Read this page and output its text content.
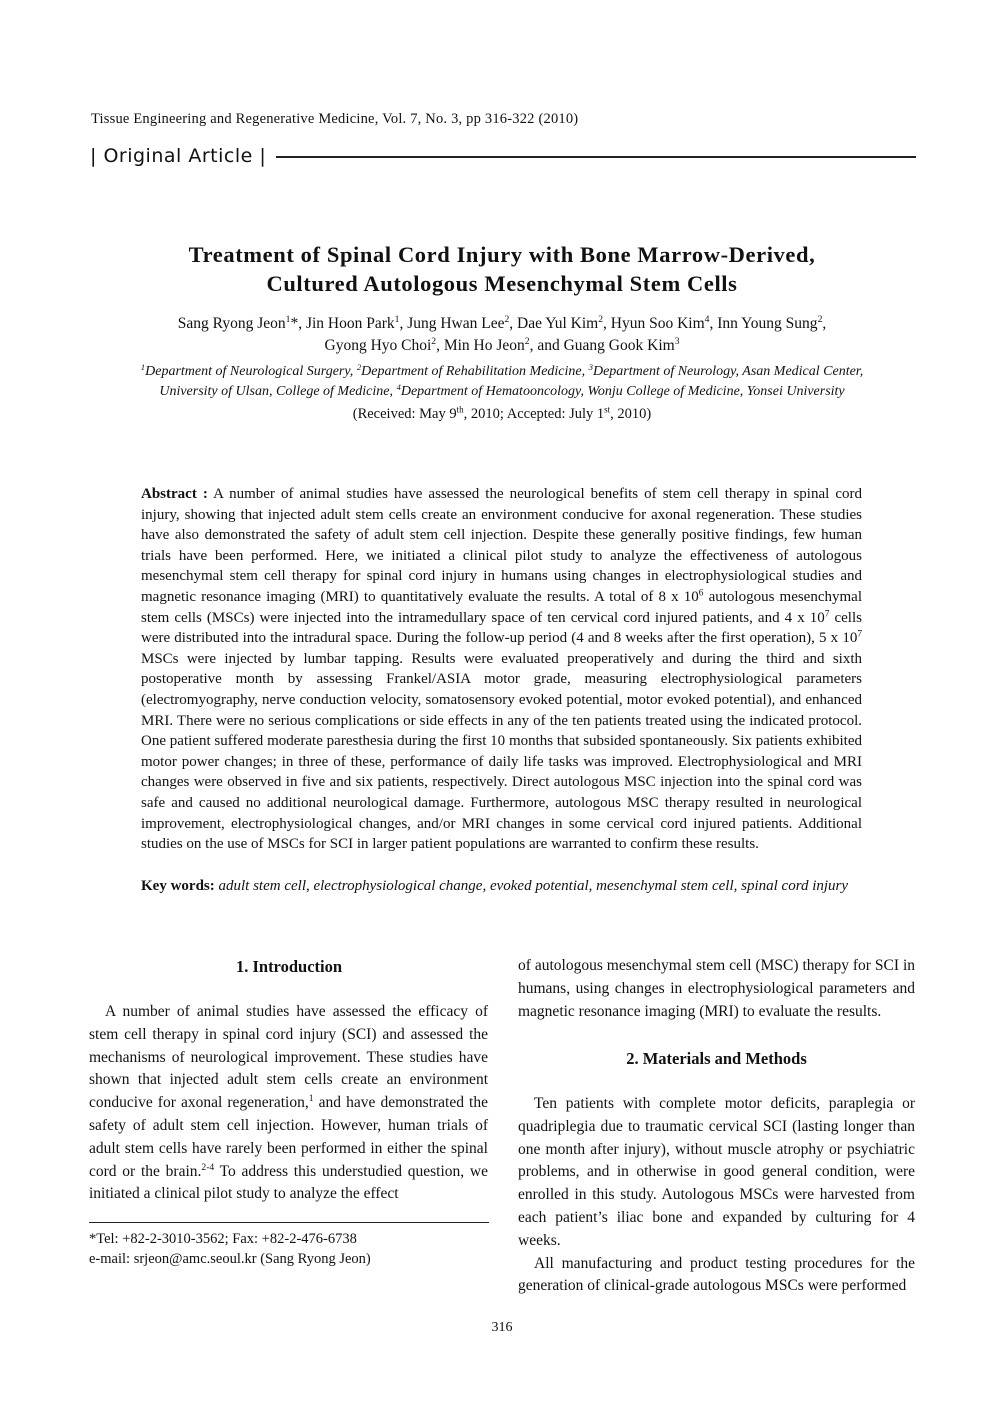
Tissue Engineering and Regenerative Medicine, Vol. 7, No. 3, pp 316-322 (2010)
| Original Article |
Treatment of Spinal Cord Injury with Bone Marrow-Derived,
Cultured Autologous Mesenchymal Stem Cells
Sang Ryong Jeon$^1$*, Jin Hoon Park$^1$, Jung Hwan Lee$^2$, Dae Yul Kim$^2$, Hyun Soo Kim$^4$, Inn Young Sung$^2$,
Gyong Hyo Choi$^2$, Min Ho Jeon$^2$, and Guang Gook Kim$^3$
$^1$Department of Neurological Surgery, $^2$Department of Rehabilitation Medicine, $^3$Department of Neurology, Asan Medical Center,
University of Ulsan, College of Medicine, $^4$Department of Hematooncology, Wonju College of Medicine, Yonsei University
(Received: May 9th, 2010; Accepted: July 1st, 2010)
Abstract : A number of animal studies have assessed the neurological benefits of stem cell therapy in spinal cord injury, showing that injected adult stem cells create an environment conducive for axonal regeneration. These studies have also demonstrated the safety of adult stem cell injection. Despite these generally positive findings, few human trials have been performed. Here, we initiated a clinical pilot study to analyze the effectiveness of autologous mesenchymal stem cell therapy for spinal cord injury in humans using changes in electrophysiological studies and magnetic resonance imaging (MRI) to quantitatively evaluate the results. A total of 8 x $10^6$ autologous mesenchymal stem cells (MSCs) were injected into the intramedullary space of ten cervical cord injured patients, and 4 x $10^7$ cells were distributed into the intradural space. During the follow-up period (4 and 8 weeks after the first operation), 5 x $10^7$ MSCs were injected by lumbar tapping. Results were evaluated preoperatively and during the third and sixth postoperative month by assessing Frankel/ASIA motor grade, measuring electrophysiological parameters (electromyography, nerve conduction velocity, somatosensory evoked potential, motor evoked potential), and enhanced MRI. There were no serious complications or side effects in any of the ten patients treated using the indicated protocol. One patient suffered moderate paresthesia during the first 10 months that subsided spontaneously. Six patients exhibited motor power changes; in three of these, performance of daily life tasks was improved. Electrophysiological and MRI changes were observed in five and six patients, respectively. Direct autologous MSC injection into the spinal cord was safe and caused no additional neurological damage. Furthermore, autologous MSC therapy resulted in neurological improvement, electrophysiological changes, and/or MRI changes in some cervical cord injured patients. Additional studies on the use of MSCs for SCI in larger patient populations are warranted to confirm these results.
Key words: adult stem cell, electrophysiological change, evoked potential, mesenchymal stem cell, spinal cord injury
1. Introduction

A number of animal studies have assessed the efficacy of stem cell therapy in spinal cord injury (SCI) and assessed the mechanisms of neurological improvement. These studies have shown that injected adult stem cells create an environment conducive for axonal regeneration,$^1$ and have demonstrated the safety of adult stem cell injection. However, human trials of adult stem cells have rarely been performed in either the spinal cord or the brain.$^{2-4}$ To address this understudied question, we initiated a clinical pilot study to analyze the effect

*Tel: +82-2-3010-3562; Fax: +82-2-476-6738
e-mail: srjeon@amc.seoul.kr (Sang Ryong Jeon)

of autologous mesenchymal stem cell (MSC) therapy for SCI in humans, using changes in electrophysiological parameters and magnetic resonance imaging (MRI) to evaluate the results.

2. Materials and Methods

Ten patients with complete motor deficits, paraplegia or quadriplegia due to traumatic cervical SCI (lasting longer than one month after injury), without muscle atrophy or psychiatric problems, and in otherwise in good general condition, were enrolled in this study. Autologous MSCs were harvested from each patient’s iliac bone and expanded by culturing for 4 weeks.

All manufacturing and product testing procedures for the generation of clinical-grade autologous MSCs were performed

316
